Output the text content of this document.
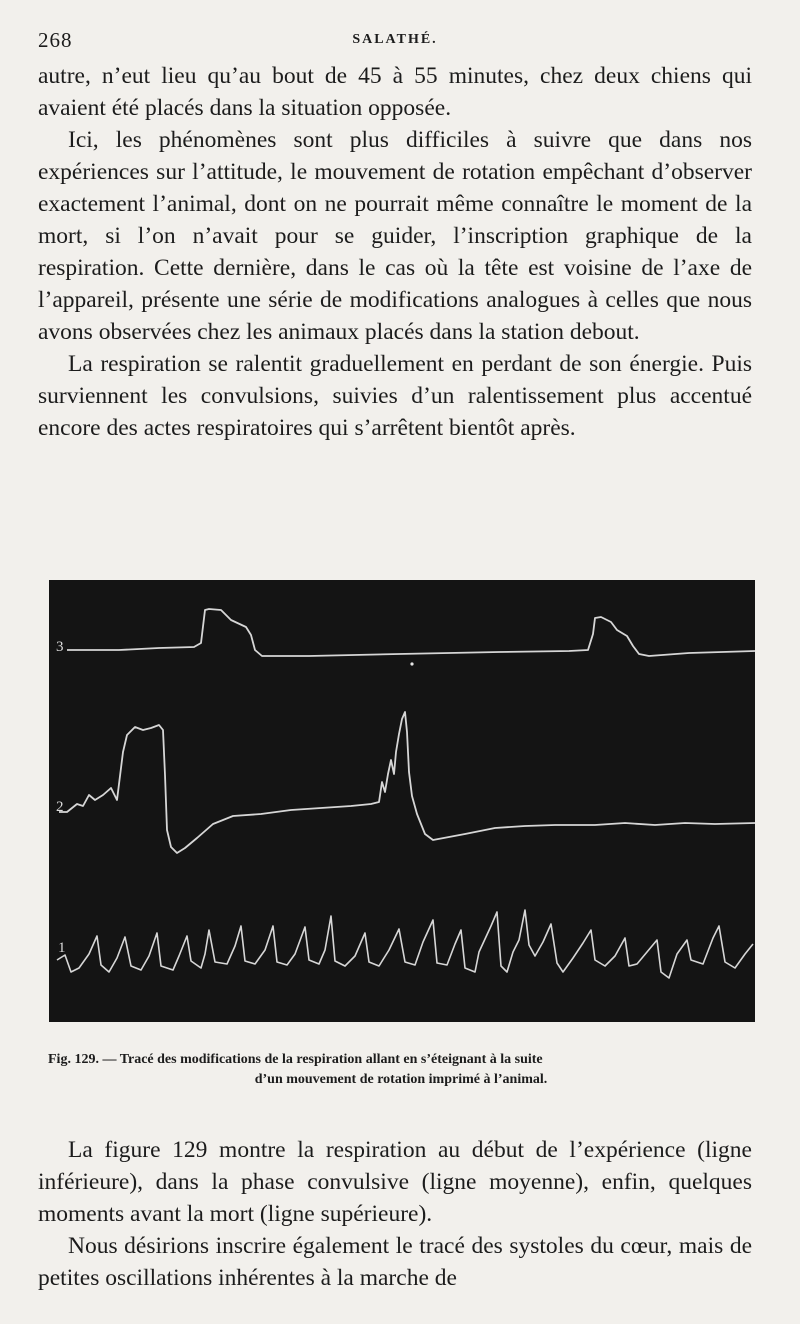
268	SALATHÉ.

autre, n’eut lieu qu’au bout de 45 à 55 minutes, chez deux chiens qui avaient été placés dans la situation opposée.

Ici, les phénomènes sont plus difficiles à suivre que dans nos expériences sur l’attitude, le mouvement de rotation empêchant d’observer exactement l’animal, dont on ne pourrait même connaître le moment de la mort, si l’on n’avait pour se guider, l’inscription graphique de la respiration. Cette dernière, dans le cas où la tête est voisine de l’axe de l’appareil, présente une série de modifications analogues à celles que nous avons observées chez les animaux placés dans la station debout.

La respiration se ralentit graduellement en perdant de son énergie. Puis surviennent les convulsions, suivies d’un ralentissement plus accentué encore des actes respiratoires qui s’arrêtent bientôt après.

3
2
1
Fig. 129. — Tracé des modifications de la respiration allant en s’éteignant à la suite
d’un mouvement de rotation imprimé à l’animal.

La figure 129 montre la respiration au début de l’expérience (ligne inférieure), dans la phase convulsive (ligne moyenne), enfin, quelques moments avant la mort (ligne supérieure).

Nous désirions inscrire également le tracé des systoles du cœur, mais de petites oscillations inhérentes à la marche de
